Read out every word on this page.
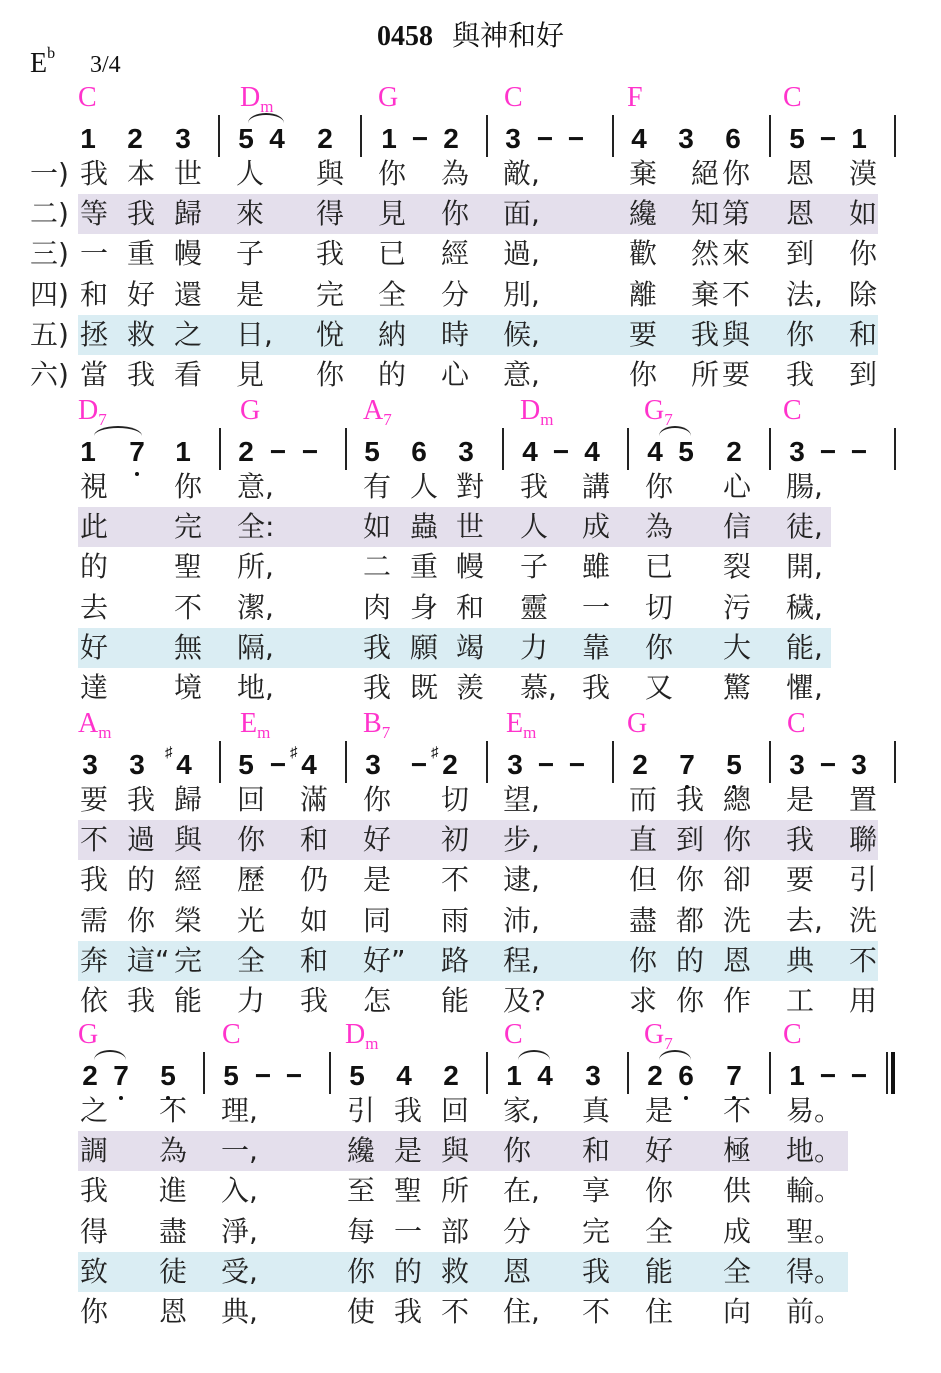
0458 與神和好
$E^b$ 3/4
C	$D_m$	G	C	F	C
1 2 3 5 4 2 1 − 2 3 − − 4 3 6 5 − 1
一) 我 本 世 人 與 你 為 敵,	棄 絕 你 恩 漠
二) 等 我 歸 來 得 見 你 面,	纔 知 第 恩 如
三) 一 重 幔 子 我 已 經 過,	歡 然 來 到 你
四) 和 好 還 是 完 全 分 別,	離 棄 不 法, 除
五) 拯 救 之 日, 悅 納 時 候,	要 我 與 你 和
六) 當 我 看 見 你 的 心 意,	你 所 要 我 到
$D_7$	G	$A_7$	$D_m$	$G_7$	C
1 7 1 2 − − 5 6 3 4 − 4 4 5 2 3 − −
視 你 意,	有 人 對 我 講 你 心 腸,
此 完 全:	如 蟲 世 人 成 為 信 徒,
的 聖 所,	二 重 幔 子 雖 已 裂 開,
去 不 潔,	肉 身 和 靈 一 切 污 穢,
好 無 隔,	我 願 竭 力 靠 你 大 能,
達 境 地,	我 既 羨 慕, 我 又 驚 懼,
$A_m$	$E_m$	$B_7$	$E_m$	G	C
3 3 4
♯ 5 − 4
♯ 3 − 2
♯ 3 − − 2 7 5 3 − 3
要 我 歸 回 滿 你 切 望,	而 我 總 是 置
不 過 與 你 和 好 初 步,	直 到 你 我 聯
我 的 經 歷 仍 是 不 逮,	但 你 卻 要 引
需 你 榮 光 如 同 雨 沛,	盡 都 洗 去, 洗
奔 這“ 完 全 和 好” 路 程,	你 的 恩 典 不
依 我 能 力 我 怎 能 及?	求 你 作 工 用
G	C	$D_m$	C	$G_7$	C
2 7 5 5 − − 5 4 2 1 4 3 2 6 7 1 − −
之 不 理,	引 我 回 家, 真 是 不 易。
調 為 一,	纔 是 與 你 和 好 極 地。
我 進 入,	至 聖 所 在, 享 你 供 輸。
得 盡 淨,	每 一 部 分 完 全 成 聖。
致 徒 受,	你 的 救 恩 我 能 全 得。
你 恩 典,	使 我 不 住, 不 住 向 前。
